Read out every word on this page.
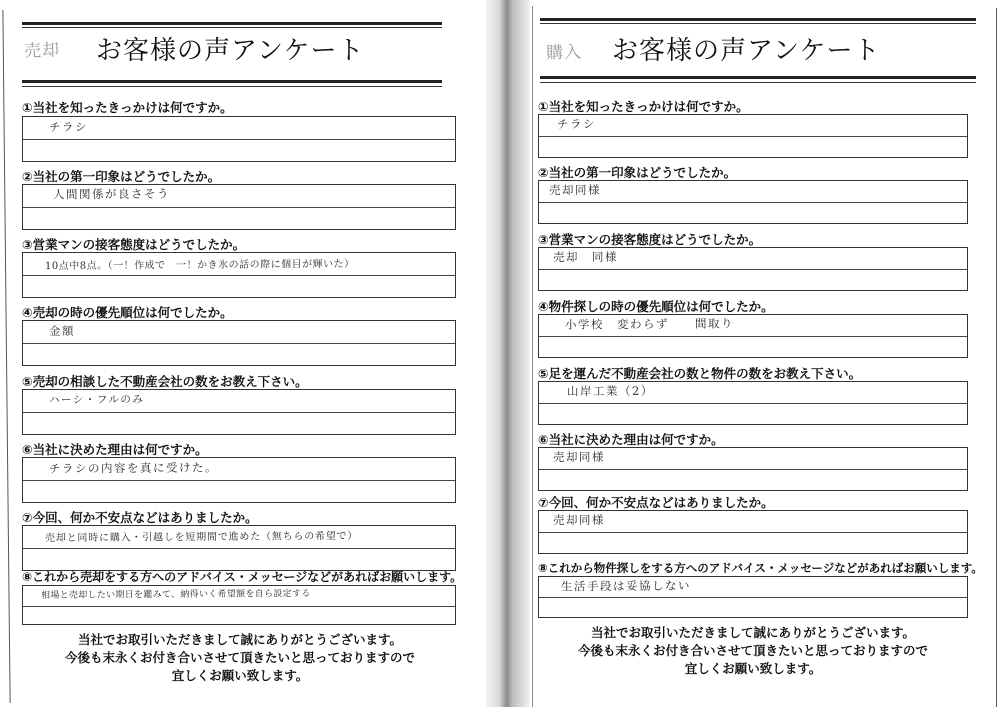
売却 お客様の声アンケート
①当社を知ったきっかけは何ですか。
チラシ
②当社の第一印象はどうでしたか。
人間関係が良さそう
③営業マンの接客態度はどうでしたか。
10点中8点。（一！作成で　一！かき氷の話の際に個目が輝いた）
④売却の時の優先順位は何でしたか。
金額
⑤売却の相談した不動産会社の数をお教え下さい。
ハーシ・フルのみ
⑥当社に決めた理由は何ですか。
チラシの内容を真に受けた。
⑦今回、何か不安点などはありましたか。
売却と同時に購入・引越しを短期間で進めた（無ちらの希望で）
⑧これから売却をする方へのアドバイス・メッセージなどがあればお願いします。
相場と売却したい期日を鑑みて、納得いく希望額を自ら設定する
当社でお取引いただきまして誠にありがとうございます。
今後も末永くお付き合いさせて頂きたいと思っておりますので
宜しくお願い致します。
購入 お客様の声アンケート
①当社を知ったきっかけは何ですか。
チラシ
②当社の第一印象はどうでしたか。
売却同様
③営業マンの接客態度はどうでしたか。
売却　同様
④物件探しの時の優先順位は何でしたか。
小学校　変わらず　　間取り
⑤足を運んだ不動産会社の数と物件の数をお教え下さい。
山岸工業（2）
⑥当社に決めた理由は何ですか。
売却同様
⑦今回、何か不安点などはありましたか。
売却同様
⑧これから物件探しをする方へのアドバイス・メッセージなどがあればお願いします。
生活手段は妥協しない
当社でお取引いただきまして誠にありがとうございます。
今後も末永くお付き合いさせて頂きたいと思っておりますので
宜しくお願い致します。
